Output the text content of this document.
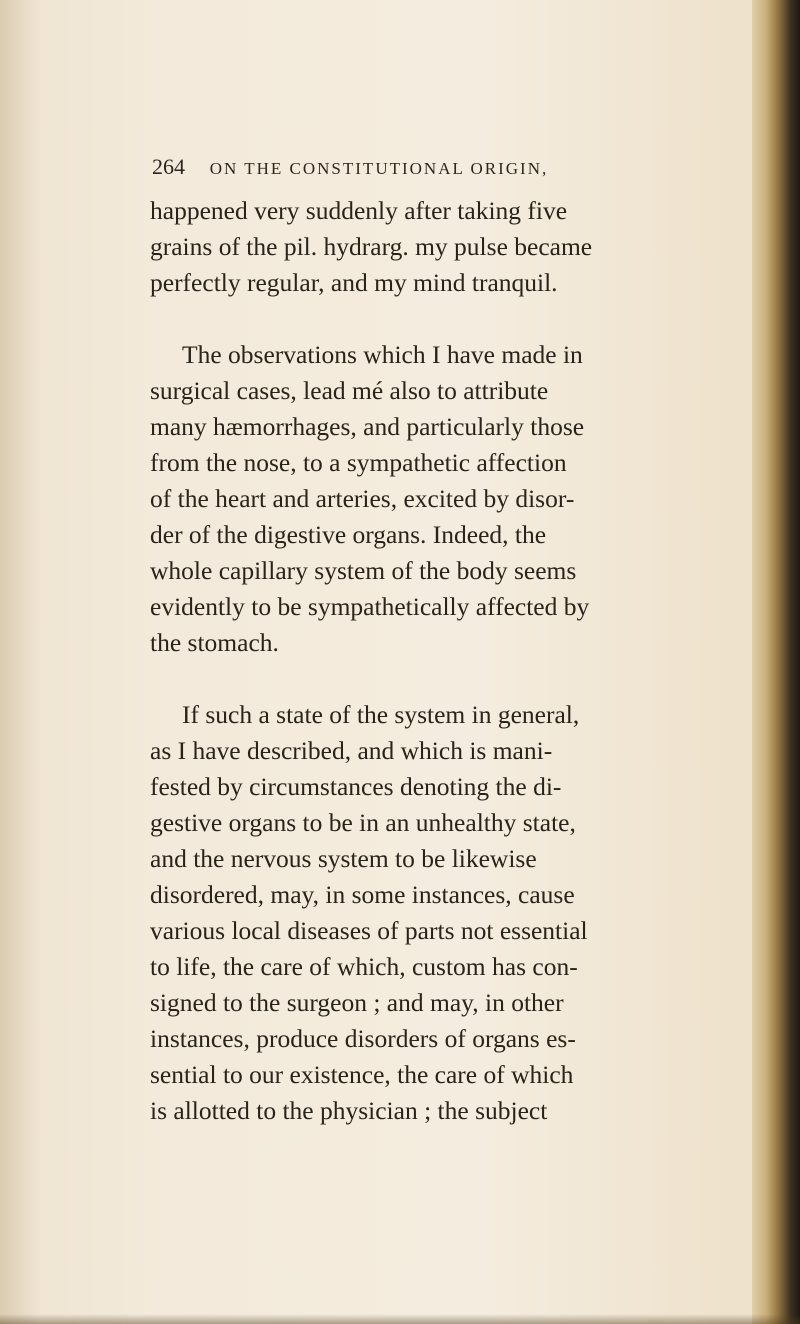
264 ON THE CONSTITUTIONAL ORIGIN,

happened very suddenly after taking five
grains of the pil. hydrarg. my pulse became
perfectly regular, and my mind tranquil.

The observations which I have made in
surgical cases, lead mé also to attribute
many hæmorrhages, and particularly those
from the nose, to a sympathetic affection
of the heart and arteries, excited by disor-
der of the digestive organs. Indeed, the
whole capillary system of the body seems
evidently to be sympathetically affected by
the stomach.

If such a state of the system in general,
as I have described, and which is mani-
fested by circumstances denoting the di-
gestive organs to be in an unhealthy state,
and the nervous system to be likewise
disordered, may, in some instances, cause
various local diseases of parts not essential
to life, the care of which, custom has con-
signed to the surgeon ; and may, in other
instances, produce disorders of organs es-
sential to our existence, the care of which
is allotted to the physician ; the subject
